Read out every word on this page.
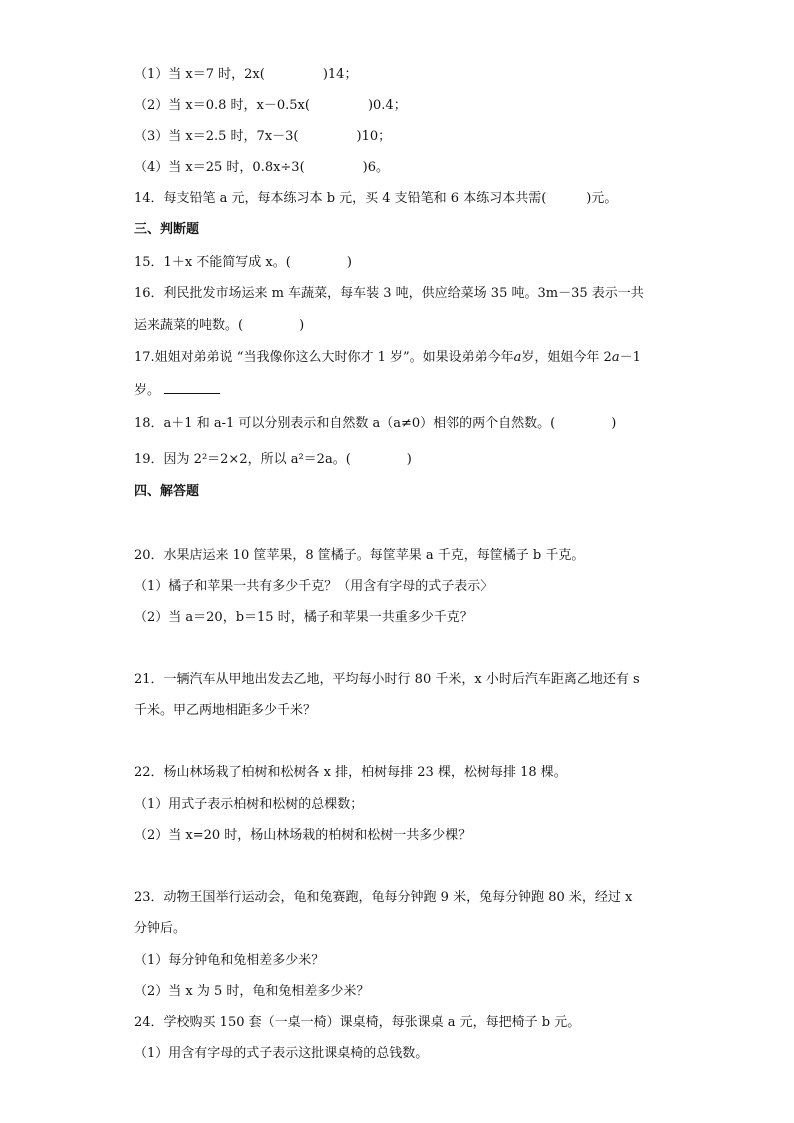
（1）当 x＝7 时，2x(	)14；
（2）当 x＝0.8 时，x－0.5x(	)0.4；
（3）当 x＝2.5 时，7x－3(	)10；
（4）当 x＝25 时，0.8x÷3(	)6。
14．每支铅笔 a 元，每本练习本 b 元，买 4 支铅笔和 6 本练习本共需(	)元。
三、判断题
15．1＋x 不能简写成 x。(	)
16．利民批发市场运来 m 车蔬菜，每车装 3 吨，供应给菜场 35 吨。3m－35 表示一共
运来蔬菜的吨数。(	)
17.姐姐对弟弟说 “当我像你这么大时你才 1 岁”。如果设弟弟今年a岁，姐姐今年 2a－1
岁。
18．a＋1 和 a-1 可以分别表示和自然数 a（a≠0）相邻的两个自然数。(	)
19．因为 2²＝2×2，所以 a²＝2a。(	)
四、解答题
20．水果店运来 10 筐苹果，8 筐橘子。每筐苹果 a 千克，每筐橘子 b 千克。
（1）橘子和苹果一共有多少千克？（用含有字母的式子表示〉
（2）当 a＝20，b＝15 时，橘子和苹果一共重多少千克？
21．一辆汽车从甲地出发去乙地，平均每小时行 80 千米，x 小时后汽车距离乙地还有 s
千米。甲乙两地相距多少千米？
22．杨山林场栽了柏树和松树各 x 排，柏树每排 23 棵，松树每排 18 棵。
（1）用式子表示柏树和松树的总棵数；
（2）当 x=20 时，杨山林场栽的柏树和松树一共多少棵？
23．动物王国举行运动会，龟和兔赛跑，龟每分钟跑 9 米，兔每分钟跑 80 米，经过 x
分钟后。
（1）每分钟龟和兔相差多少米？
（2）当 x 为 5 时，龟和兔相差多少米？
24．学校购买 150 套（一桌一椅）课桌椅，每张课桌 a 元，每把椅子 b 元。
（1）用含有字母的式子表示这批课桌椅的总钱数。
